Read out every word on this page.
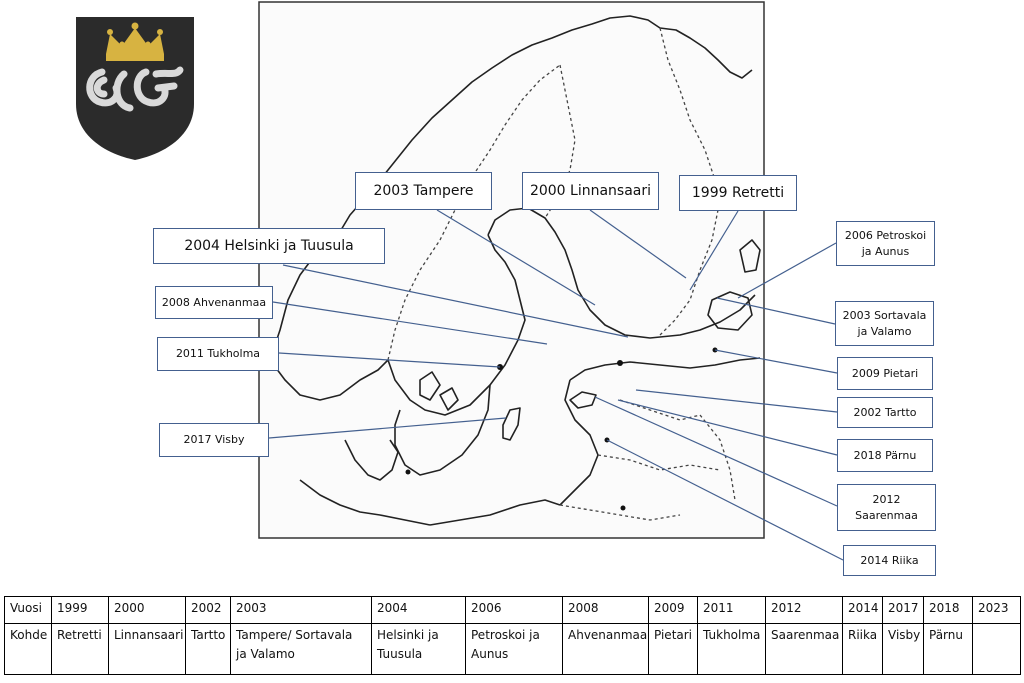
2003 Tampere	2000 Linnansaari	1999 Retretti
2004 Helsinki ja Tuusula
2006 Petroskoi
ja Aunus
2003 Sortavala
ja Valamo
2008 Ahvenanmaa
2009 Pietari
2011 Tukholma
2002 Tartto
2017 Visby
2018 Pärnu
2012
Saarenmaa
2014 Riika
Vuosi	1999	2000	2002	2003	2004	2006	2008	2009	2011	2012	2014	2017	2018	2023
Kohde	Retretti	Linnansaari	Tartto	Tampere/ Sortavala ja Valamo	Helsinki ja Tuusula	Petroskoi ja Aunus	Ahvenanmaa	Pietari	Tukholma	Saarenmaa	Riika	Visby	Pärnu	
